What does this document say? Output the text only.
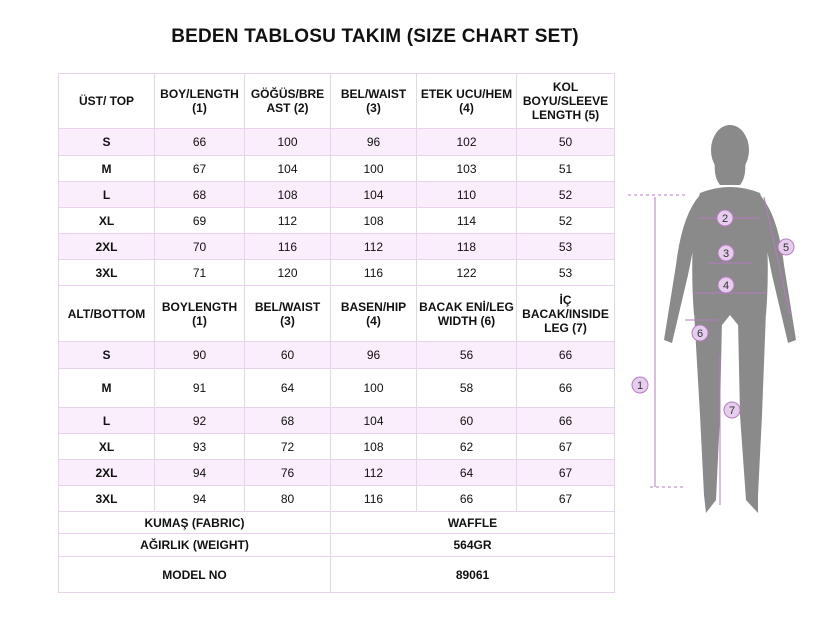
BEDEN TABLOSU TAKIM (SIZE CHART SET)
ÜST/ TOP	BOY/LENGTH (1)	GÖĞÜS/BRE AST (2)	BEL/WAIST (3)	ETEK UCU/HEM (4)	KOL BOYU/SLEEVE LENGTH (5)
S	66	100	96	102	50
M	67	104	100	103	51
L	68	108	104	110	52
XL	69	112	108	114	52
2XL	70	116	112	118	53
3XL	71	120	116	122	53
ALT/BOTTOM	BOYLENGTH (1)	BEL/WAIST (3)	BASEN/HIP (4)	BACAK ENİ/LEG WIDTH (6)	İÇ BACAK/INSIDE LEG (7)
S	90	60	96	56	66
M	91	64	100	58	66
L	92	68	104	60	66
XL	93	72	108	62	67
2XL	94	76	112	64	67
3XL	94	80	116	66	67
KUMAŞ (FABRIC)			WAFFLE		
AĞIRLIK (WEIGHT)			564GR		
MODEL NO			89061		
1
2
3
4
5
6
7
